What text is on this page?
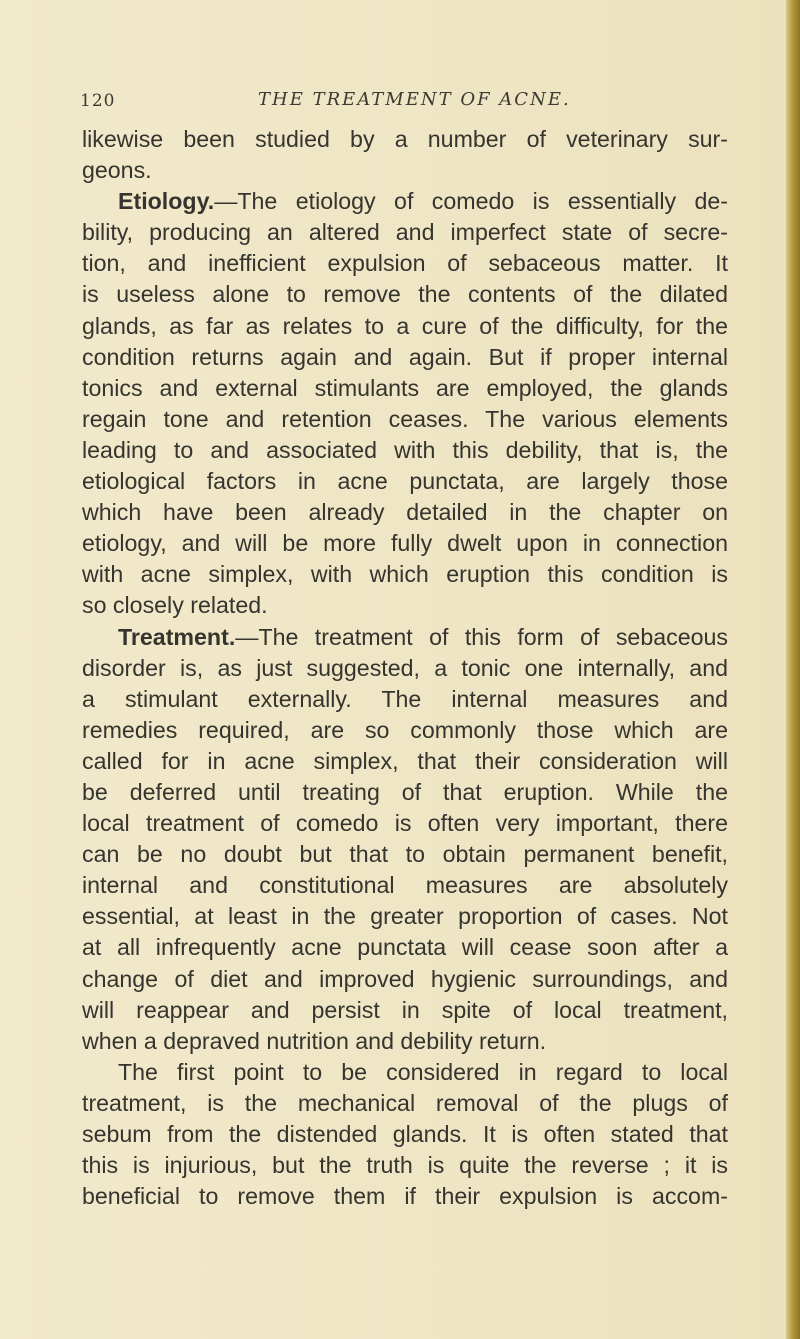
120	THE TREATMENT OF ACNE.
likewise been studied by a number of veterinary sur-
geons.
Etiology.—The etiology of comedo is essentially de-
bility, producing an altered and imperfect state of secre-
tion, and inefficient expulsion of sebaceous matter. It
is useless alone to remove the contents of the dilated
glands, as far as relates to a cure of the difficulty, for the
condition returns again and again. But if proper internal
tonics and external stimulants are employed, the glands
regain tone and retention ceases. The various elements
leading to and associated with this debility, that is, the
etiological factors in acne punctata, are largely those
which have been already detailed in the chapter on
etiology, and will be more fully dwelt upon in connection
with acne simplex, with which eruption this condition is
so closely related.
Treatment.—The treatment of this form of sebaceous
disorder is, as just suggested, a tonic one internally, and
a stimulant externally. The internal measures and
remedies required, are so commonly those which are
called for in acne simplex, that their consideration will
be deferred until treating of that eruption. While the
local treatment of comedo is often very important, there
can be no doubt but that to obtain permanent benefit,
internal and constitutional measures are absolutely
essential, at least in the greater proportion of cases. Not
at all infrequently acne punctata will cease soon after a
change of diet and improved hygienic surroundings, and
will reappear and persist in spite of local treatment,
when a depraved nutrition and debility return.
The first point to be considered in regard to local
treatment, is the mechanical removal of the plugs of
sebum from the distended glands. It is often stated that
this is injurious, but the truth is quite the reverse ; it is
beneficial to remove them if their expulsion is accom-
